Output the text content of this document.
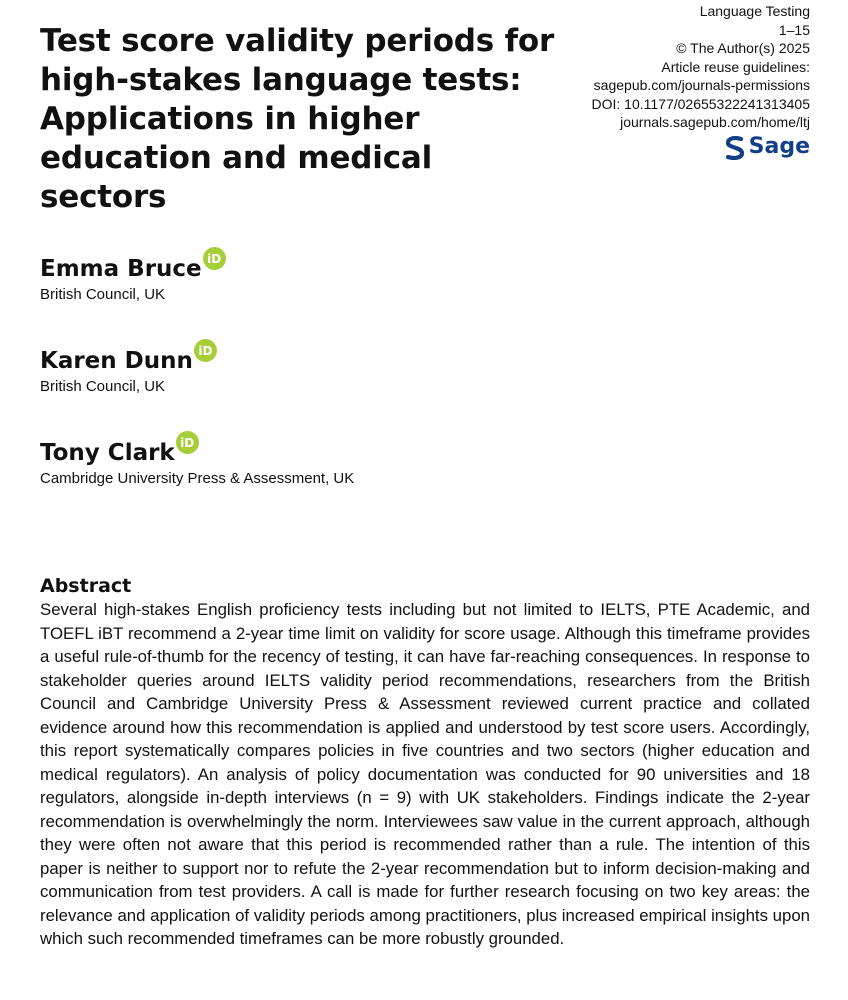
Test score validity periods for high-stakes language tests: Applications in higher education and medical sectors
Language Testing
1–15
© The Author(s) 2025
Article reuse guidelines:
sagepub.com/journals-permissions
DOI: 10.1177/02655322241313405
journals.sagepub.com/home/ltj
Sage
Emma Bruce iD
British Council, UK
Karen Dunn iD
British Council, UK
Tony Clark iD
Cambridge University Press & Assessment, UK
Abstract

Several high-stakes English proficiency tests including but not limited to IELTS, PTE Academic, and TOEFL iBT recommend a 2-year time limit on validity for score usage. Although this timeframe provides a useful rule-of-thumb for the recency of testing, it can have far-reaching consequences. In response to stakeholder queries around IELTS validity period recommendations, researchers from the British Council and Cambridge University Press & Assessment reviewed current practice and collated evidence around how this recommendation is applied and understood by test score users. Accordingly, this report systematically compares policies in five countries and two sectors (higher education and medical regulators). An analysis of policy documentation was conducted for 90 universities and 18 regulators, alongside in-depth interviews (n = 9) with UK stakeholders. Findings indicate the 2-year recommendation is overwhelmingly the norm. Interviewees saw value in the current approach, although they were often not aware that this period is recommended rather than a rule. The intention of this paper is neither to support nor to refute the 2-year recommendation but to inform decision-making and communication from test providers. A call is made for further research focusing on two key areas: the relevance and application of validity periods among practitioners, plus increased empirical insights upon which such recommended timeframes can be more robustly grounded.
